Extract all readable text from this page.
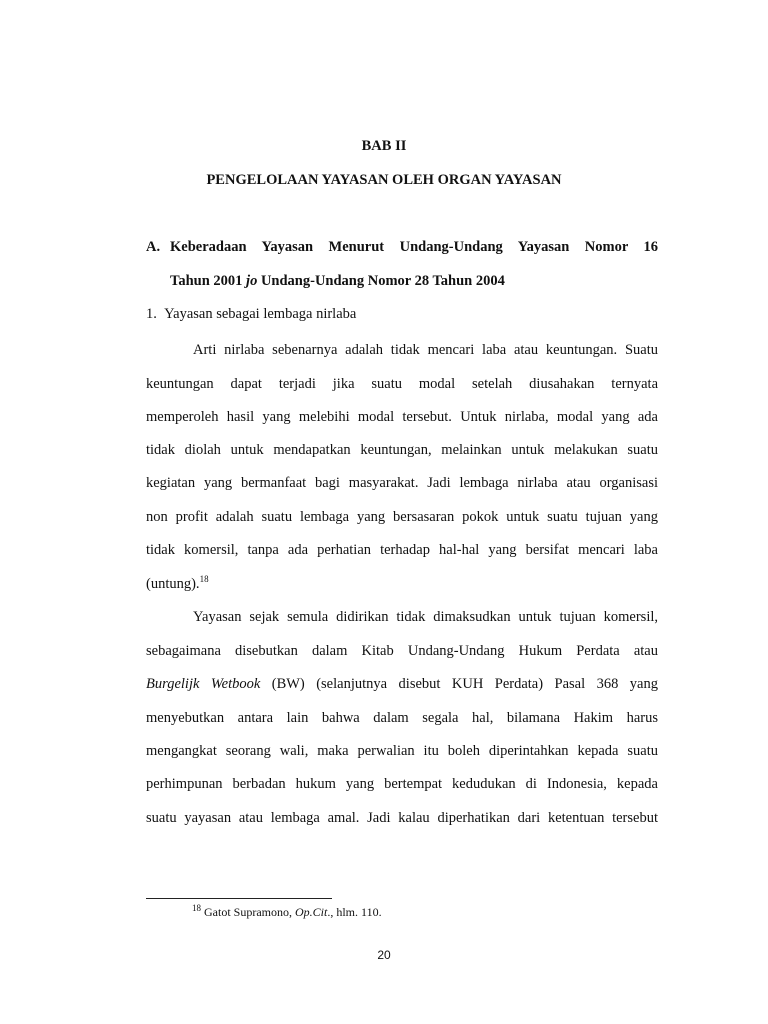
BAB II
PENGELOLAAN YAYASAN OLEH ORGAN YAYASAN
A. Keberadaan Yayasan Menurut Undang-Undang Yayasan Nomor 16
Tahun 2001 jo Undang-Undang Nomor 28 Tahun 2004
1.  Yayasan sebagai lembaga nirlaba
Arti nirlaba sebenarnya adalah tidak mencari laba atau keuntungan. Suatu
keuntungan dapat terjadi jika suatu modal setelah diusahakan ternyata
memperoleh hasil yang melebihi modal tersebut. Untuk nirlaba, modal yang ada
tidak diolah untuk mendapatkan keuntungan, melainkan untuk melakukan suatu
kegiatan yang bermanfaat bagi masyarakat. Jadi lembaga nirlaba atau organisasi
non profit adalah suatu lembaga yang bersasaran pokok untuk suatu tujuan yang
tidak komersil, tanpa ada perhatian terhadap hal-hal yang bersifat mencari laba
(untung).$^{18}$
Yayasan sejak semula didirikan tidak dimaksudkan untuk tujuan komersil,
sebagaimana disebutkan dalam Kitab Undang-Undang Hukum Perdata atau
Burgelijk Wetbook (BW) (selanjutnya disebut KUH Perdata) Pasal 368 yang
menyebutkan antara lain bahwa dalam segala hal, bilamana Hakim harus
mengangkat seorang wali, maka perwalian itu boleh diperintahkan kepada suatu
perhimpunan berbadan hukum yang bertempat kedudukan di Indonesia, kepada
suatu yayasan atau lembaga amal. Jadi kalau diperhatikan dari ketentuan tersebut
$^{18}$ Gatot Supramono, Op.Cit., hlm. 110.
20
